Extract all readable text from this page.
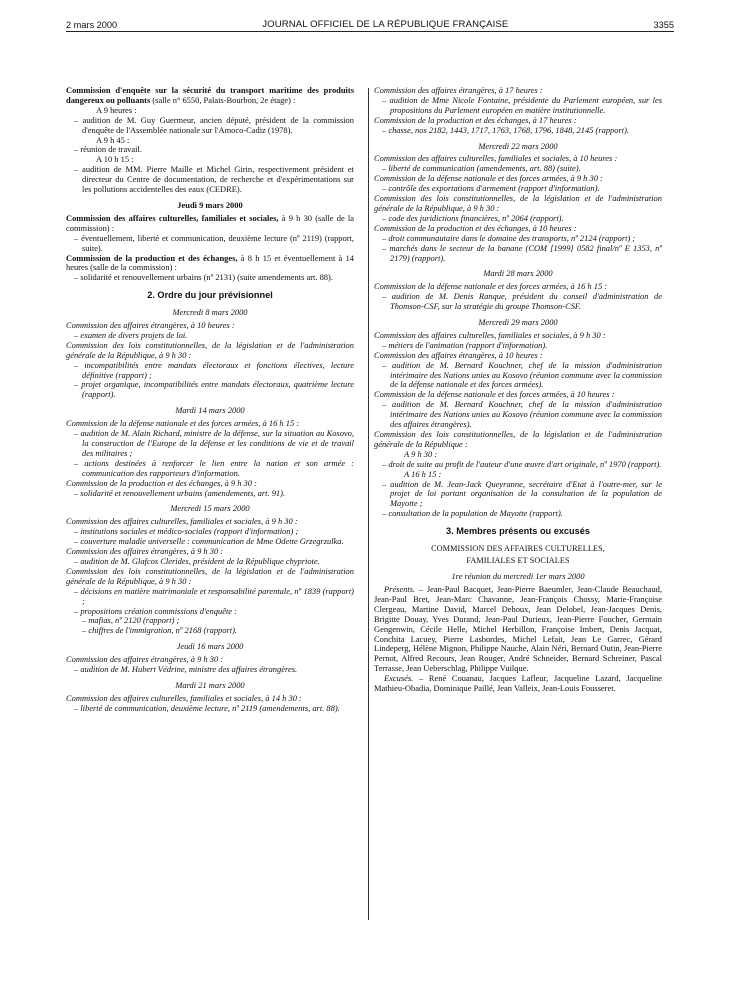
2 mars 2000	JOURNAL OFFICIEL DE LA RÉPUBLIQUE FRANÇAISE	3355
Commission d'enquête sur la sécurité du transport maritime des produits dangereux ou polluants (salle n° 6550, Palais-Bourbon, 2e étage) :
A 9 heures :
– audition de M. Guy Guermeur, ancien député, président de la commission d'enquête de l'Assemblée nationale sur l'Amoco-Cadiz (1978).
A 9 h 45 :
– réunion de travail.
A 10 h 15 :
– audition de MM. Pierre Maille et Michel Girin, respectivement président et directeur du Centre de documentation, de recherche et d'expérimentations sur les pollutions accidentelles des eaux (CEDRE).
Jeudi 9 mars 2000
Commission des affaires culturelles, familiales et sociales, à 9 h 30 (salle de la commission) :
– éventuellement, liberté et communication, deuxième lecture (nº 2119) (rapport, suite).
Commission de la production et des échanges, à 8 h 15 et éventuellement à 14 heures (salle de la commission) :
– solidarité et renouvellement urbains (nº 2131) (suite amendements art. 88).
2. Ordre du jour prévisionnel
Mercredi 8 mars 2000
Commission des affaires étrangères, à 10 heures :
– examen de divers projets de loi.
Commission des lois constitutionnelles, de la législation et de l'administration générale de la République, à 9 h 30 :
– incompatibilités entre mandats électoraux et fonctions électives, lecture définitive (rapport) ;
– projet organique, incompatibilités entre mandats électoraux, quatrième lecture (rapport).
Mardi 14 mars 2000
Commission de la défense nationale et des forces armées, à 16 h 15 :
– audition de M. Alain Richard, ministre de la défense, sur la situation au Kosovo, la construction de l'Europe de la défense et les conditions de vie et de travail des militaires ;
– actions destinées à renforcer le lien entre la nation et son armée : communication des rapporteurs d'information.
Commission de la production et des échanges, à 9 h 30 :
– solidarité et renouvellement urbains (amendements, art. 91).
Mercredi 15 mars 2000
Commission des affaires culturelles, familiales et sociales, à 9 h 30 :
– institutions sociales et médico-sociales (rapport d'information) ;
– couverture maladie universelle : communication de Mme Odette Grzegrzulka.
Commission des affaires étrangères, à 9 h 30 :
– audition de M. Glafcos Clerides, président de la République chypriote.
Commission des lois constitutionnelles, de la législation et de l'administration générale de la République, à 9 h 30 :
– décisions en matière matrimoniale et responsabilité parentale, nº 1839 (rapport) ;
– propositions création commissions d'enquête :
– mafias, nº 2120 (rapport) ;
– chiffres de l'immigration, nº 2168 (rapport).
Jeudi 16 mars 2000
Commission des affaires étrangères, à 9 h 30 :
– audition de M. Hubert Védrine, ministre des affaires étrangères.
Mardi 21 mars 2000
Commission des affaires culturelles, familiales et sociales, à 14 h 30 :
– liberté de communication, deuxième lecture, nº 2119 (amendements, art. 88).
Commission des affaires étrangères, à 17 heures :
– audition de Mme Nicole Fontaine, présidente du Parlement européen, sur les propositions du Parlement européen en matière institutionnelle.
Commission de la production et des échanges, à 17 heures :
– chasse, nos 2182, 1443, 1717, 1763, 1768, 1796, 1848, 2145 (rapport).
Mercredi 22 mars 2000
Commission des affaires culturelles, familiales et sociales, à 10 heures :
– liberté de communication (amendements, art. 88) (suite).
Commission de la défense nationale et des forces armées, à 9 h 30 :
– contrôle des exportations d'armement (rapport d'information).
Commission des lois constitutionnelles, de la législation et de l'administration générale de la République, à 9 h 30 :
– code des juridictions financières, nº 2064 (rapport).
Commission de la production et des échanges, à 10 heures :
– droit communautaire dans le domaine des transports, nº 2124 (rapport) ;
– marchés dans le secteur de la banane (COM [1999] 0582 final/nº E 1353, nº 2179) (rapport).
Mardi 28 mars 2000
Commission de la défense nationale et des forces armées, à 16 h 15 :
– audition de M. Denis Ranque, président du conseil d'administration de Thomson-CSF, sur la stratégie du groupe Thomson-CSF.
Mercredi 29 mars 2000
Commission des affaires culturelles, familiales et sociales, à 9 h 30 :
– métiers de l'animation (rapport d'information).
Commission des affaires étrangères, à 10 heures :
– audition de M. Bernard Kouchner, chef de la mission d'administration intérimaire des Nations unies au Kosovo (réunion commune avec la commission de la défense nationale et des forces armées).
Commission de la défense nationale et des forces armées, à 10 heures :
– audition de M. Bernard Kouchner, chef de la mission d'administration intérimaire des Nations unies au Kosovo (réunion commune avec la commission des affaires étrangères).
Commission des lois constitutionnelles, de la législation et de l'administration générale de la République :
A 9 h 30 :
– droit de suite au profit de l'auteur d'une œuvre d'art originale, nº 1970 (rapport).
A 16 h 15 :
– audition de M. Jean-Jack Queyranne, secrétaire d'Etat à l'outre-mer, sur le projet de loi portant organisation de la consultation de la population de Mayotte ;
– consultation de la population de Mayotte (rapport).
3. Membres présents ou excusés
COMMISSION DES AFFAIRES CULTURELLES,
FAMILIALES ET SOCIALES
1re réunion du mercredi 1er mars 2000
Présents. – Jean-Paul Bacquet, Jean-Pierre Baeumler, Jean-Claude Beauchaud, Jean-Paul Bret, Jean-Marc Chavanne, Jean-François Chossy, Marie-Françoise Clergeau, Martine David, Marcel Dehoux, Jean Delobel, Jean-Jacques Denis, Brigitte Douay, Yves Durand, Jean-Paul Durieux, Jean-Pierre Foucher, Germain Gengenwin, Cécile Helle, Michel Herbillon, Françoise Imbert, Denis Jacquat, Conchita Lacuey, Pierre Lasbordes, Michel Lefait, Jean Le Garrec, Gérard Lindeperg, Hélène Mignon, Philippe Nauche, Alain Néri, Bernard Outin, Jean-Pierre Pernot, Alfred Recours, Jean Rouger, André Schneider, Bernard Schreiner, Pascal Terrasse, Jean Ueberschlag, Philippe Vuilque.
Excusés. – René Couanau, Jacques Lafleur, Jacqueline Lazard, Jacqueline Mathieu-Obadia, Dominique Paillé, Jean Valleix, Jean-Louis Fousseret.
